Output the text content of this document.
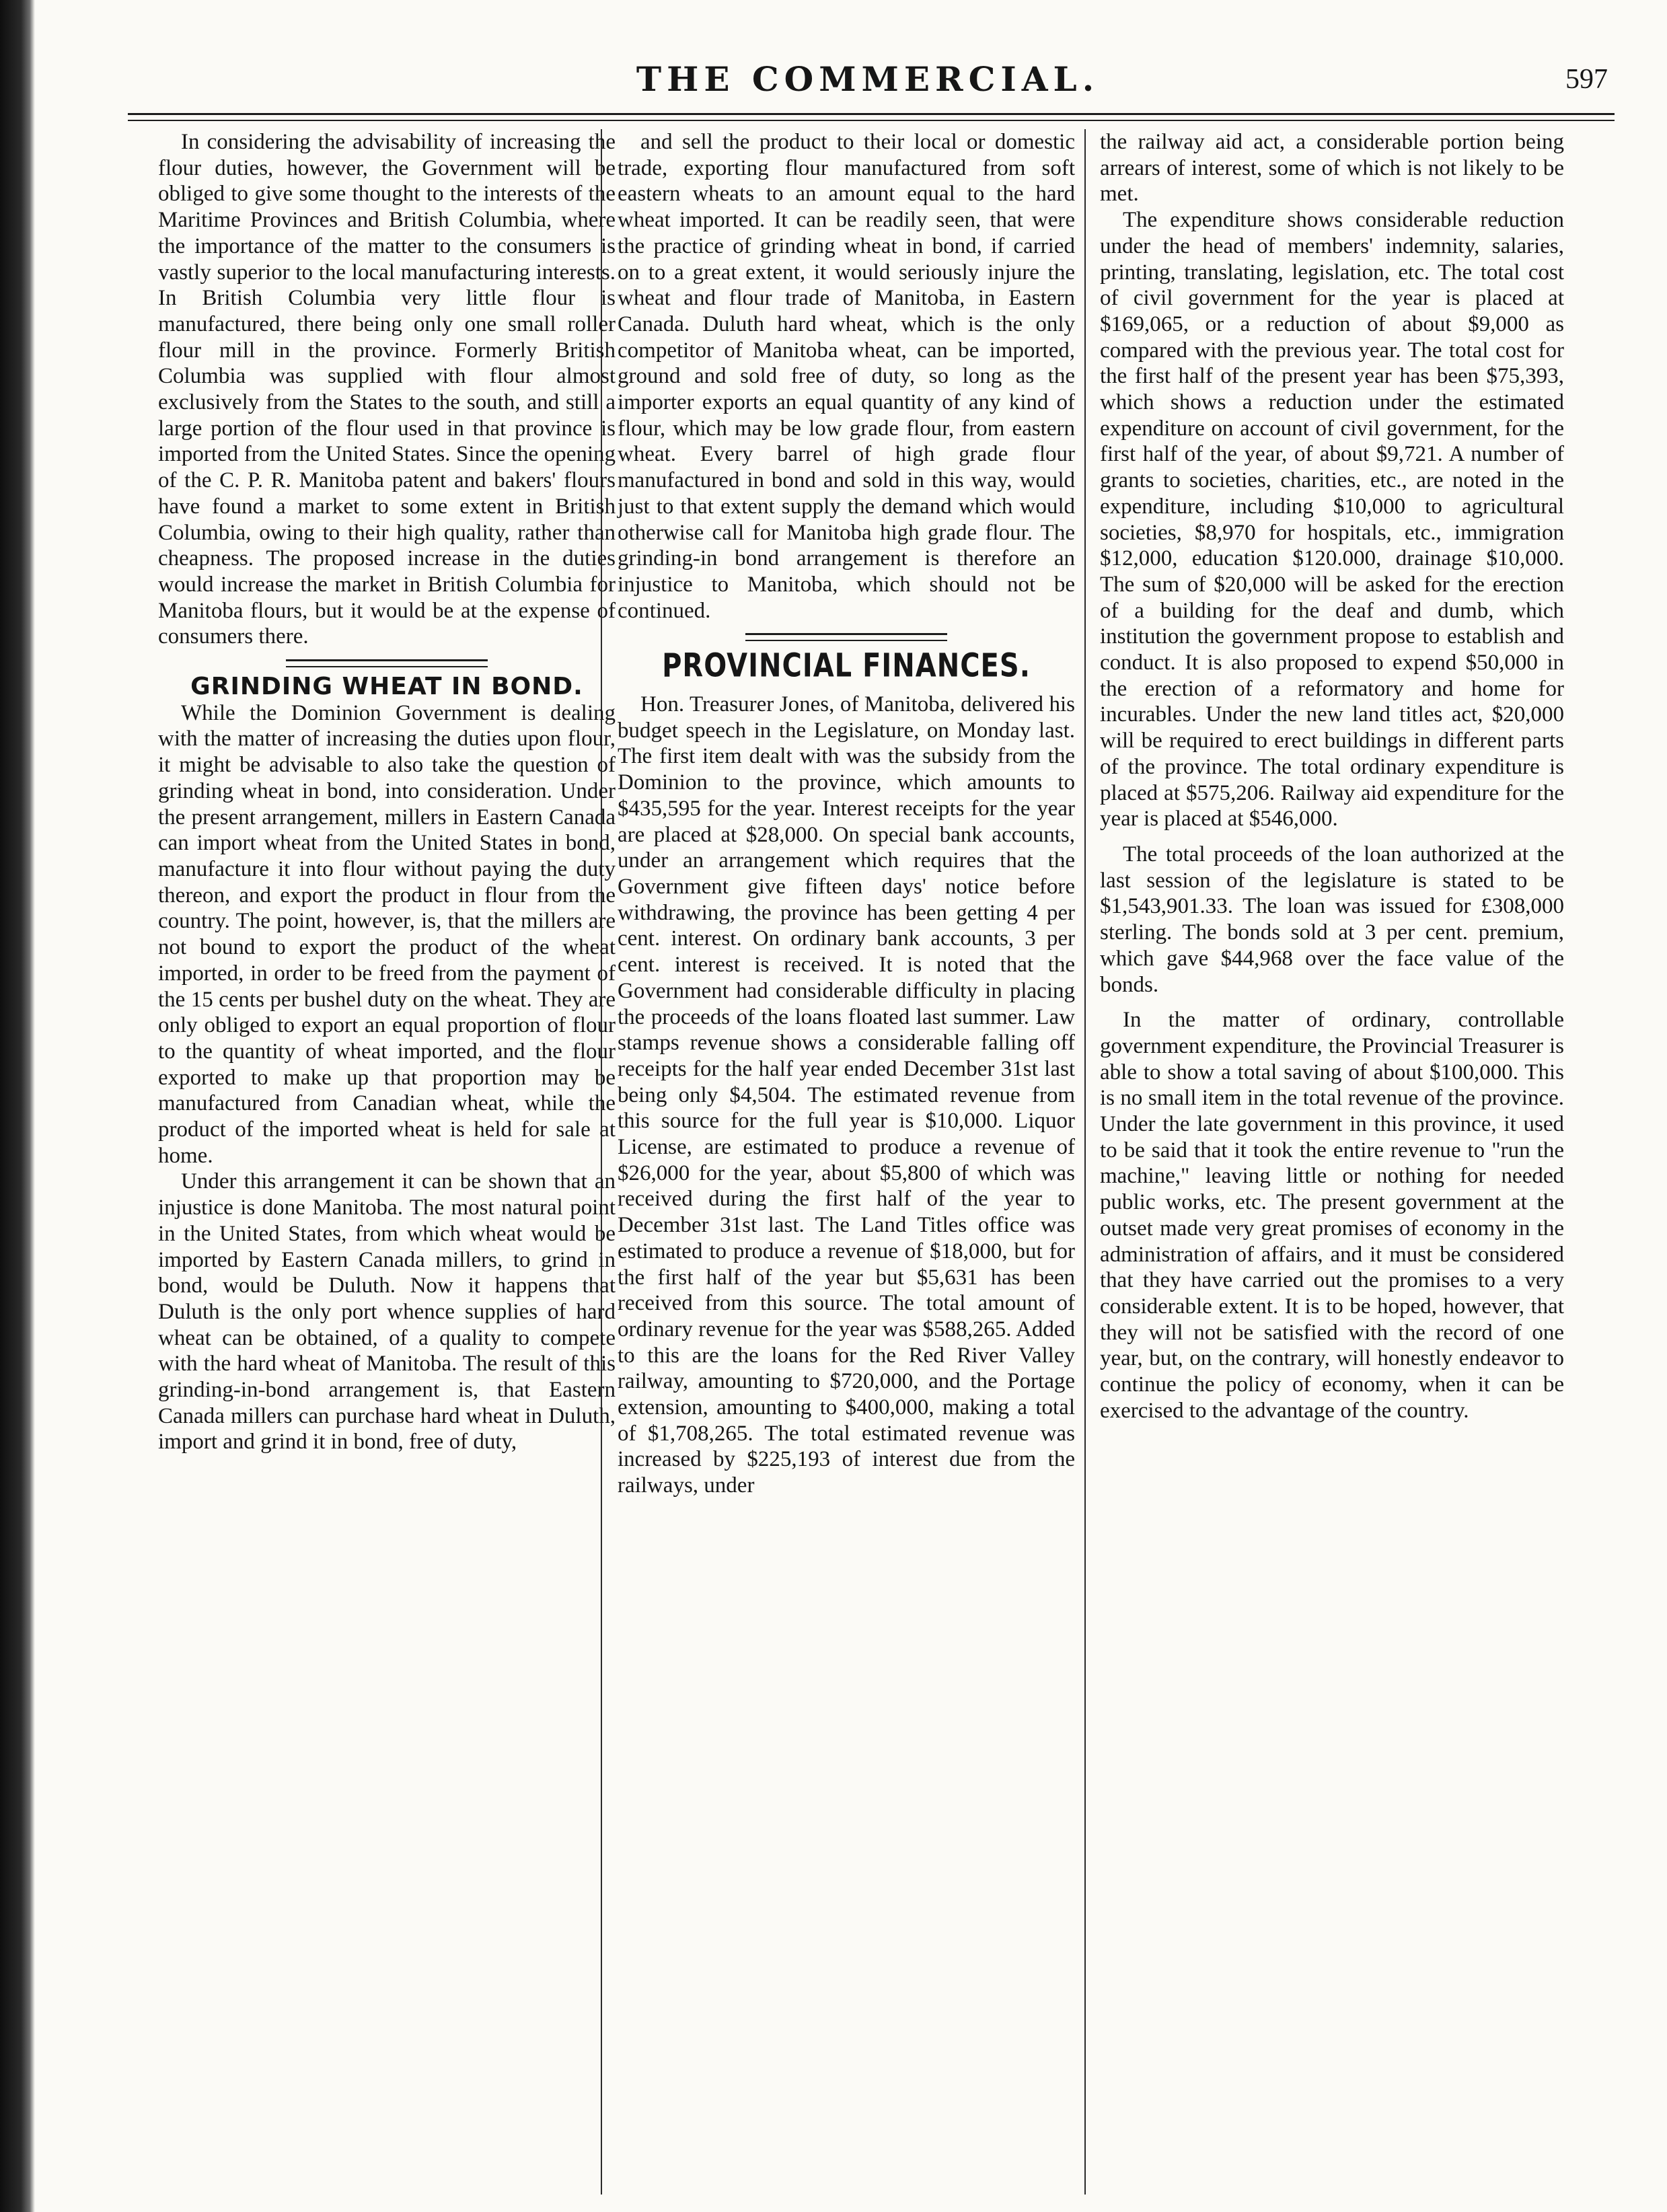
THE COMMERCIAL.	597

In considering the advisability of increasing the flour duties, however, the Government will be obliged to give some thought to the interests of the Maritime Provinces and British Columbia, where the importance of the matter to the consumers is vastly superior to the local manufacturing interests. In British Columbia very little flour is manufactured, there being only one small roller flour mill in the province. Formerly British Columbia was supplied with flour almost exclusively from the States to the south, and still a large portion of the flour used in that province is imported from the United States. Since the opening of the C. P. R. Manitoba patent and bakers' flours have found a market to some extent in British Columbia, owing to their high quality, rather than cheapness. The proposed increase in the duties would increase the market in British Columbia for Manitoba flours, but it would be at the expense of consumers there.

GRINDING WHEAT IN BOND.

While the Dominion Government is dealing with the matter of increasing the duties upon flour, it might be advisable to also take the question of grinding wheat in bond, into consideration. Under the present arrangement, millers in Eastern Canada can import wheat from the United States in bond, manufacture it into flour without paying the duty thereon, and export the product in flour from the country. The point, however, is, that the millers are not bound to export the product of the wheat imported, in order to be freed from the payment of the 15 cents per bushel duty on the wheat. They are only obliged to export an equal proportion of flour to the quantity of wheat imported, and the flour exported to make up that proportion may be manufactured from Canadian wheat, while the product of the imported wheat is held for sale at home.

Under this arrangement it can be shown that an injustice is done Manitoba. The most natural point in the United States, from which wheat would be imported by Eastern Canada millers, to grind in bond, would be Duluth. Now it happens that Duluth is the only port whence supplies of hard wheat can be obtained, of a quality to compete with the hard wheat of Manitoba. The result of this grinding-in-bond arrangement is, that Eastern Canada millers can purchase hard wheat in Duluth, import and grind it in bond, free of duty,

and sell the product to their local or domestic trade, exporting flour manufactured from soft eastern wheats to an amount equal to the hard wheat imported. It can be readily seen, that were the practice of grinding wheat in bond, if carried on to a great extent, it would seriously injure the wheat and flour trade of Manitoba, in Eastern Canada. Duluth hard wheat, which is the only competitor of Manitoba wheat, can be imported, ground and sold free of duty, so long as the importer exports an equal quantity of any kind of flour, which may be low grade flour, from eastern wheat. Every barrel of high grade flour manufactured in bond and sold in this way, would just to that extent supply the demand which would otherwise call for Manitoba high grade flour. The grinding-in bond arrangement is therefore an injustice to Manitoba, which should not be continued.

PROVINCIAL FINANCES.

Hon. Treasurer Jones, of Manitoba, delivered his budget speech in the Legislature, on Monday last. The first item dealt with was the subsidy from the Dominion to the province, which amounts to $435,595 for the year. Interest receipts for the year are placed at $28,000. On special bank accounts, under an arrangement which requires that the Government give fifteen days' notice before withdrawing, the province has been getting 4 per cent. interest. On ordinary bank accounts, 3 per cent. interest is received. It is noted that the Government had considerable difficulty in placing the proceeds of the loans floated last summer. Law stamps revenue shows a considerable falling off receipts for the half year ended December 31st last being only $4,504. The estimated revenue from this source for the full year is $10,000. Liquor License, are estimated to produce a revenue of $26,000 for the year, about $5,800 of which was received during the first half of the year to December 31st last. The Land Titles office was estimated to produce a revenue of $18,000, but for the first half of the year but $5,631 has been received from this source. The total amount of ordinary revenue for the year was $588,265. Added to this are the loans for the Red River Valley railway, amounting to $720,000, and the Portage extension, amounting to $400,000, making a total of $1,708,265. The total estimated revenue was increased by $225,193 of interest due from the railways, under

the railway aid act, a considerable portion being arrears of interest, some of which is not likely to be met.

The expenditure shows considerable reduction under the head of members' indemnity, salaries, printing, translating, legislation, etc. The total cost of civil government for the year is placed at $169,065, or a reduction of about $9,000 as compared with the previous year. The total cost for the first half of the present year has been $75,393, which shows a reduction under the estimated expenditure on account of civil government, for the first half of the year, of about $9,721. A number of grants to societies, charities, etc., are noted in the expenditure, including $10,000 to agricultural societies, $8,970 for hospitals, etc., immigration $12,000, education $120.000, drainage $10,000. The sum of $20,000 will be asked for the erection of a building for the deaf and dumb, which institution the government propose to establish and conduct. It is also proposed to expend $50,000 in the erection of a reformatory and home for incurables. Under the new land titles act, $20,000 will be required to erect buildings in different parts of the province. The total ordinary expenditure is placed at $575,206. Railway aid expenditure for the year is placed at $546,000.

The total proceeds of the loan authorized at the last session of the legislature is stated to be $1,543,901.33. The loan was issued for £308,000 sterling. The bonds sold at 3 per cent. premium, which gave $44,968 over the face value of the bonds.

In the matter of ordinary, controllable government expenditure, the Provincial Treasurer is able to show a total saving of about $100,000. This is no small item in the total revenue of the province. Under the late government in this province, it used to be said that it took the entire revenue to "run the machine," leaving little or nothing for needed public works, etc. The present government at the outset made very great promises of economy in the administration of affairs, and it must be considered that they have carried out the promises to a very considerable extent. It is to be hoped, however, that they will not be satisfied with the record of one year, but, on the contrary, will honestly endeavor to continue the policy of economy, when it can be exercised to the advantage of the country.
